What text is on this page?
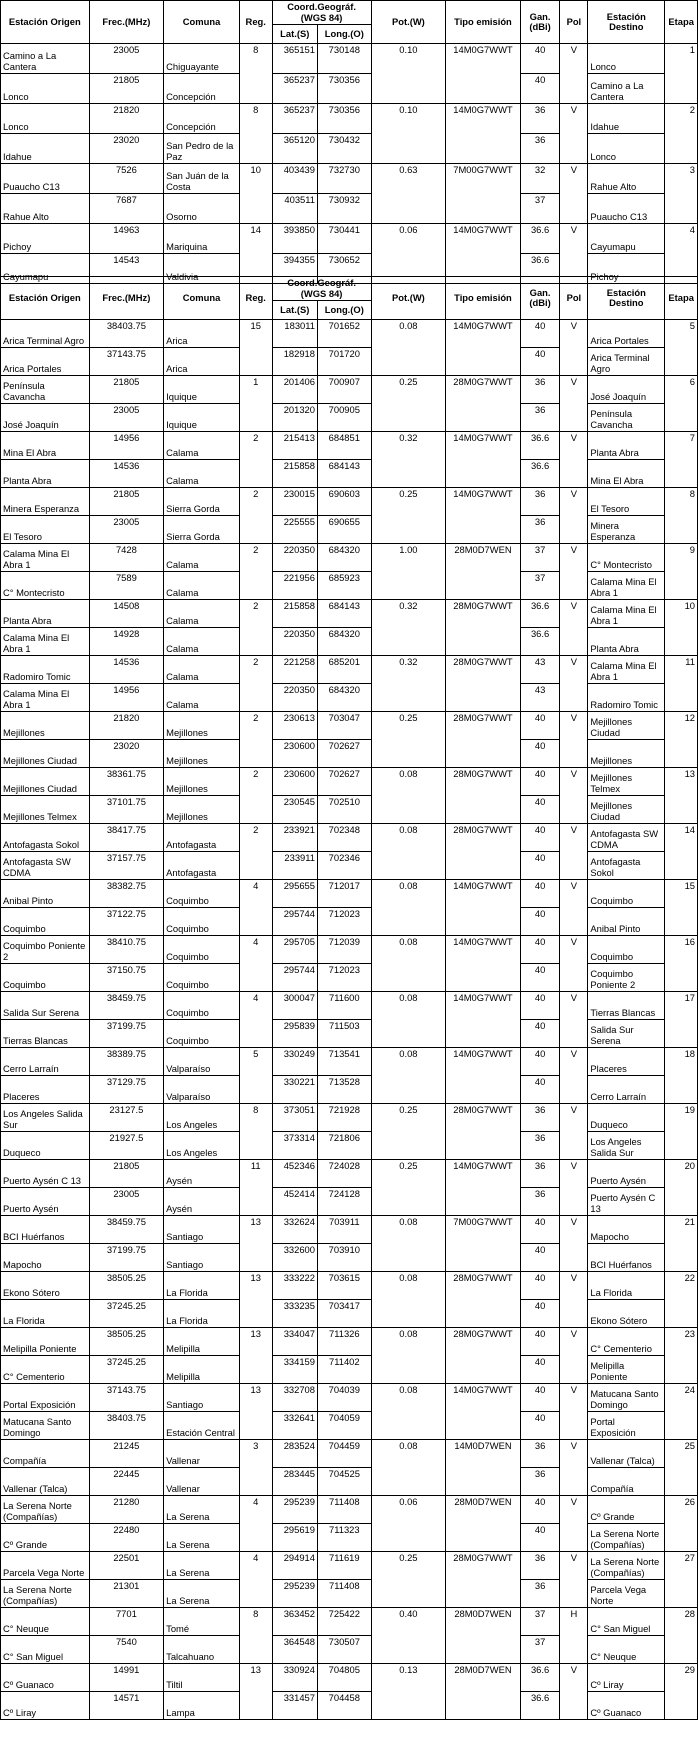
Estación Origen	Frec.(MHz)	Comuna	Reg.	Coord.Geográf.(WGS 84)		Pot.(W)	Tipo emisión	Gan. (dBi)	Pol	Estación Destino	Etapa
				Lat.(S)	Long.(O)						
Camino a La Cantera	23005	Chiguayante	8	365151	730148	0.10	14M0G7WWT	40	V	Lonco	1
Lonco	21805	Concepción		365237	730356			40		Camino a La Cantera	
Lonco	21820	Concepción	8	365237	730356	0.10	14M0G7WWT	36	V	Idahue	2
Idahue	23020	San Pedro de la Paz		365120	730432			36		Lonco	
Puaucho C13	7526	San Juán de la Costa	10	403439	732730	0.63	7M00G7WWT	32	V	Rahue Alto	3
Rahue Alto	7687	Osorno		403511	730932			37		Puaucho C13	
Pichoy	14963	Mariquina	14	393850	730441	0.06	14M0G7WWT	36.6	V	Cayumapu	4
Cayumapu	14543	Valdivia		394355	730652			36.6		Pichoy	
Estación Origen	Frec.(MHz)	Comuna	Reg.	Coord.Geográf.(WGS 84)		Pot.(W)	Tipo emisión	Gan. (dBi)	Pol	Estación Destino	Etapa
				Lat.(S)	Long.(O)						
Arica Terminal Agro	38403.75	Arica	15	183011	701652	0.08	14M0G7WWT	40	V	Arica Portales	5
Arica Portales	37143.75	Arica		182918	701720			40		Arica Terminal Agro	
Península Cavancha	21805	Iquique	1	201406	700907	0.25	28M0G7WWT	36	V	José Joaquín	6
José Joaquín	23005	Iquique		201320	700905			36		Península Cavancha	
Mina El Abra	14956	Calama	2	215413	684851	0.32	14M0G7WWT	36.6	V	Planta Abra	7
Planta Abra	14536	Calama		215858	684143			36.6		Mina El Abra	
Minera Esperanza	21805	Sierra Gorda	2	230015	690603	0.25	14M0G7WWT	36	V	El Tesoro	8
El Tesoro	23005	Sierra Gorda		225555	690655			36		Minera Esperanza	
Calama Mina El Abra 1	7428	Calama	2	220350	684320	1.00	28M0D7WEN	37	V	C° Montecristo	9
C° Montecristo	7589	Calama		221956	685923			37		Calama Mina El Abra 1	
Planta Abra	14508	Calama	2	215858	684143	0.32	28M0G7WWT	36.6	V	Calama Mina El Abra 1	10
Calama Mina El Abra 1	14928	Calama		220350	684320			36.6		Planta Abra	
Radomiro Tomic	14536	Calama	2	221258	685201	0.32	28M0G7WWT	43	V	Calama Mina El Abra 1	11
Calama Mina El Abra 1	14956	Calama		220350	684320			43		Radomiro Tomic	
Mejillones	21820	Mejillones	2	230613	703047	0.25	28M0G7WWT	40	V	Mejillones Ciudad	12
Mejillones Ciudad	23020	Mejillones		230600	702627			40		Mejillones	
Mejillones Ciudad	38361.75	Mejillones	2	230600	702627	0.08	28M0G7WWT	40	V	Mejillones Telmex	13
Mejillones Telmex	37101.75	Mejillones		230545	702510			40		Mejillones Ciudad	
Antofagasta Sokol	38417.75	Antofagasta	2	233921	702348	0.08	28M0G7WWT	40	V	Antofagasta SW CDMA	14
Antofagasta SW CDMA	37157.75	Antofagasta		233911	702346			40		Antofagasta Sokol	
Anibal Pinto	38382.75	Coquimbo	4	295655	712017	0.08	14M0G7WWT	40	V	Coquimbo	15
Coquimbo	37122.75	Coquimbo		295744	712023			40		Anibal Pinto	
Coquimbo Poniente 2	38410.75	Coquimbo	4	295705	712039	0.08	14M0G7WWT	40	V	Coquimbo	16
Coquimbo	37150.75	Coquimbo		295744	712023			40		Coquimbo Poniente 2	
Salida Sur Serena	38459.75	Coquimbo	4	300047	711600	0.08	14M0G7WWT	40	V	Tierras Blancas	17
Tierras Blancas	37199.75	Coquimbo		295839	711503			40		Salida Sur Serena	
Cerro Larraín	38389.75	Valparaíso	5	330249	713541	0.08	14M0G7WWT	40	V	Placeres	18
Placeres	37129.75	Valparaíso		330221	713528			40		Cerro Larraín	
Los Angeles Salida Sur	23127.5	Los Angeles	8	373051	721928	0.25	28M0G7WWT	36	V	Duqueco	19
Duqueco	21927.5	Los Angeles		373314	721806			36		Los Angeles Salida Sur	
Puerto Aysén C 13	21805	Aysén	11	452346	724028	0.25	14M0G7WWT	36	V	Puerto Aysén	20
Puerto Aysén	23005	Aysén		452414	724128			36		Puerto Aysén C 13	
BCI Huérfanos	38459.75	Santiago	13	332624	703911	0.08	7M00G7WWT	40	V	Mapocho	21
Mapocho	37199.75	Santiago		332600	703910			40		BCI Huérfanos	
Ekono Sótero	38505.25	La Florida	13	333222	703615	0.08	28M0G7WWT	40	V	La Florida	22
La Florida	37245.25	La Florida		333235	703417			40		Ekono Sótero	
Melipilla Poniente	38505.25	Melipilla	13	334047	711326	0.08	28M0G7WWT	40	V	C° Cementerio	23
C° Cementerio	37245.25	Melipilla		334159	711402			40		Melipilla Poniente	
Portal Exposición	37143.75	Santiago	13	332708	704039	0.08	14M0G7WWT	40	V	Matucana Santo Domingo	24
Matucana Santo Domingo	38403.75	Estación Central		332641	704059			40		Portal Exposición	
Compañía	21245	Vallenar	3	283524	704459	0.08	14M0D7WEN	36	V	Vallenar (Talca)	25
Vallenar (Talca)	22445	Vallenar		283445	704525			36		Compañía	
La Serena Norte (Compañías)	21280	La Serena	4	295239	711408	0.06	28M0D7WEN	40	V	Cº Grande	26
Cº Grande	22480	La Serena		295619	711323			40		La Serena Norte (Compañías)	
Parcela Vega Norte	22501	La Serena	4	294914	711619	0.25	28M0G7WWT	36	V	La Serena Norte (Compañías)	27
La Serena Norte (Compañías)	21301	La Serena		295239	711408			36		Parcela Vega Norte	
C° Neuque	7701	Tomé	8	363452	725422	0.40	28M0D7WEN	37	H	C° San Miguel	28
C° San Miguel	7540	Talcahuano		364548	730507			37		C° Neuque	
Cº Guanaco	14991	Tiltil	13	330924	704805	0.13	28M0D7WEN	36.6	V	Cº Liray	29
Cº Liray	14571	Lampa		331457	704458			36.6		Cº Guanaco	
